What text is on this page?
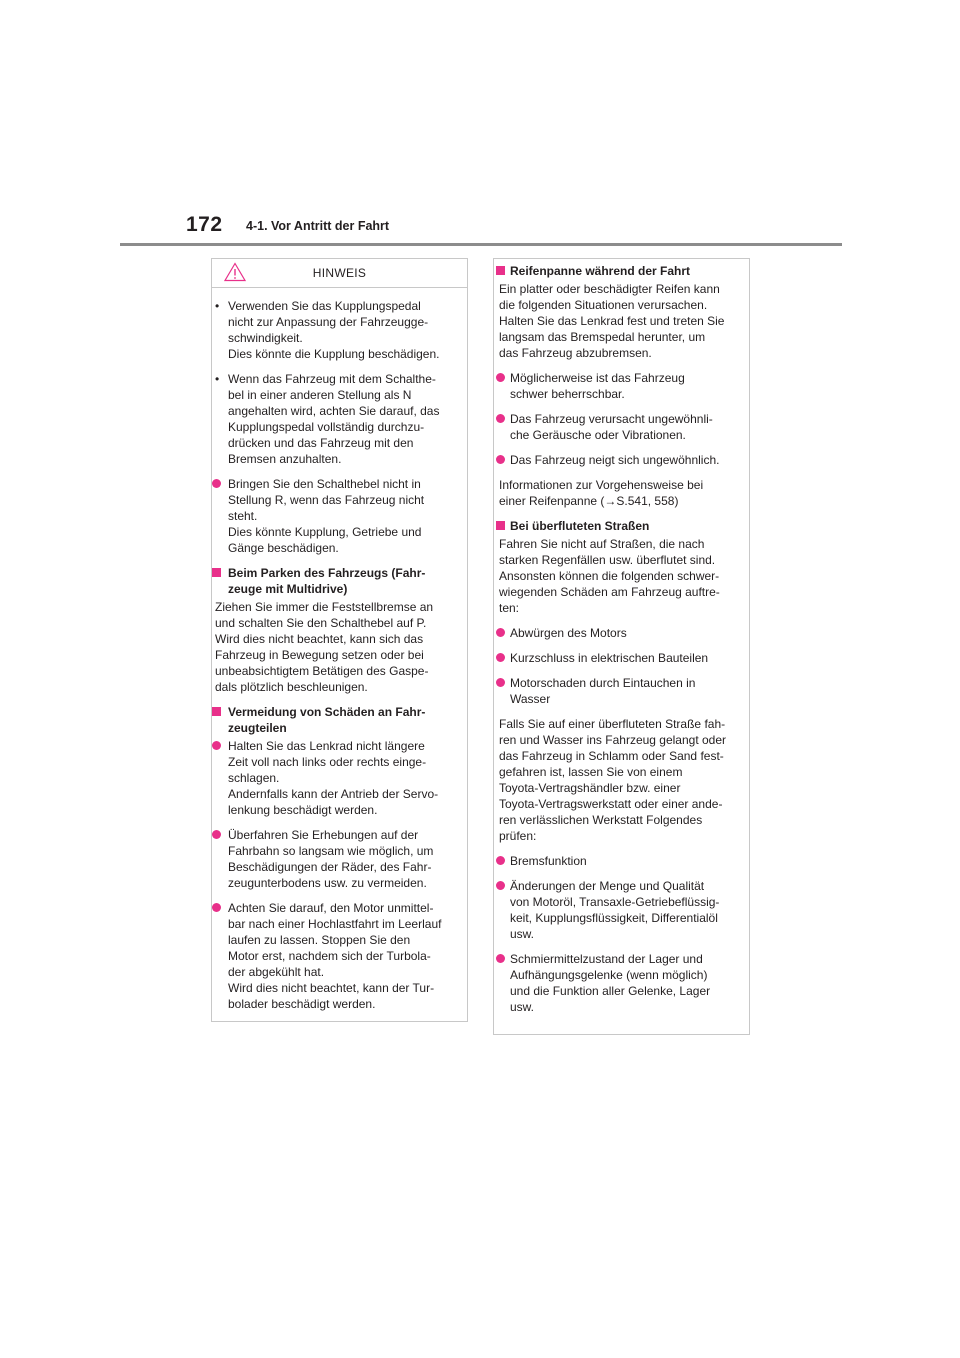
172 4-1. Vor Antritt der Fahrt
HINWEIS
• Verwenden Sie das Kupplungspedal
nicht zur Anpassung der Fahrzeugge-
schwindigkeit.
Dies könnte die Kupplung beschädigen.
• Wenn das Fahrzeug mit dem Schalthe-
bel in einer anderen Stellung als N
angehalten wird, achten Sie darauf, das
Kupplungspedal vollständig durchzu-
drücken und das Fahrzeug mit den
Bremsen anzuhalten.
Bringen Sie den Schalthebel nicht in
Stellung R, wenn das Fahrzeug nicht
steht.
Dies könnte Kupplung, Getriebe und
Gänge beschädigen.
Beim Parken des Fahrzeugs (Fahr-
zeuge mit Multidrive)
Ziehen Sie immer die Feststellbremse an
und schalten Sie den Schalthebel auf P.
Wird dies nicht beachtet, kann sich das
Fahrzeug in Bewegung setzen oder bei
unbeabsichtigtem Betätigen des Gaspe-
dals plötzlich beschleunigen.
Vermeidung von Schäden an Fahr-
zeugteilen
Halten Sie das Lenkrad nicht längere
Zeit voll nach links oder rechts einge-
schlagen.
Andernfalls kann der Antrieb der Servo-
lenkung beschädigt werden.
Überfahren Sie Erhebungen auf der
Fahrbahn so langsam wie möglich, um
Beschädigungen der Räder, des Fahr-
zeugunterbodens usw. zu vermeiden.
Achten Sie darauf, den Motor unmittel-
bar nach einer Hochlastfahrt im Leerlauf
laufen zu lassen. Stoppen Sie den
Motor erst, nachdem sich der Turbola-
der abgekühlt hat.
Wird dies nicht beachtet, kann der Tur-
bolader beschädigt werden.
Reifenpanne während der Fahrt
Ein platter oder beschädigter Reifen kann
die folgenden Situationen verursachen.
Halten Sie das Lenkrad fest und treten Sie
langsam das Bremspedal herunter, um
das Fahrzeug abzubremsen.
Möglicherweise ist das Fahrzeug
schwer beherrschbar.
Das Fahrzeug verursacht ungewöhnli-
che Geräusche oder Vibrationen.
Das Fahrzeug neigt sich ungewöhnlich.
Informationen zur Vorgehensweise bei
einer Reifenpanne (→S.541, 558)
Bei überfluteten Straßen
Fahren Sie nicht auf Straßen, die nach
starken Regenfällen usw. überflutet sind.
Ansonsten können die folgenden schwer-
wiegenden Schäden am Fahrzeug auftre-
ten:
Abwürgen des Motors
Kurzschluss in elektrischen Bauteilen
Motorschaden durch Eintauchen in
Wasser
Falls Sie auf einer überfluteten Straße fah-
ren und Wasser ins Fahrzeug gelangt oder
das Fahrzeug in Schlamm oder Sand fest-
gefahren ist, lassen Sie von einem
Toyota-Vertragshändler bzw. einer
Toyota-Vertragswerkstatt oder einer ande-
ren verlässlichen Werkstatt Folgendes
prüfen:
Bremsfunktion
Änderungen der Menge und Qualität
von Motoröl, Transaxle-Getriebeflüssig-
keit, Kupplungsflüssigkeit, Differentialöl
usw.
Schmiermittelzustand der Lager und
Aufhängungsgelenke (wenn möglich)
und die Funktion aller Gelenke, Lager
usw.
